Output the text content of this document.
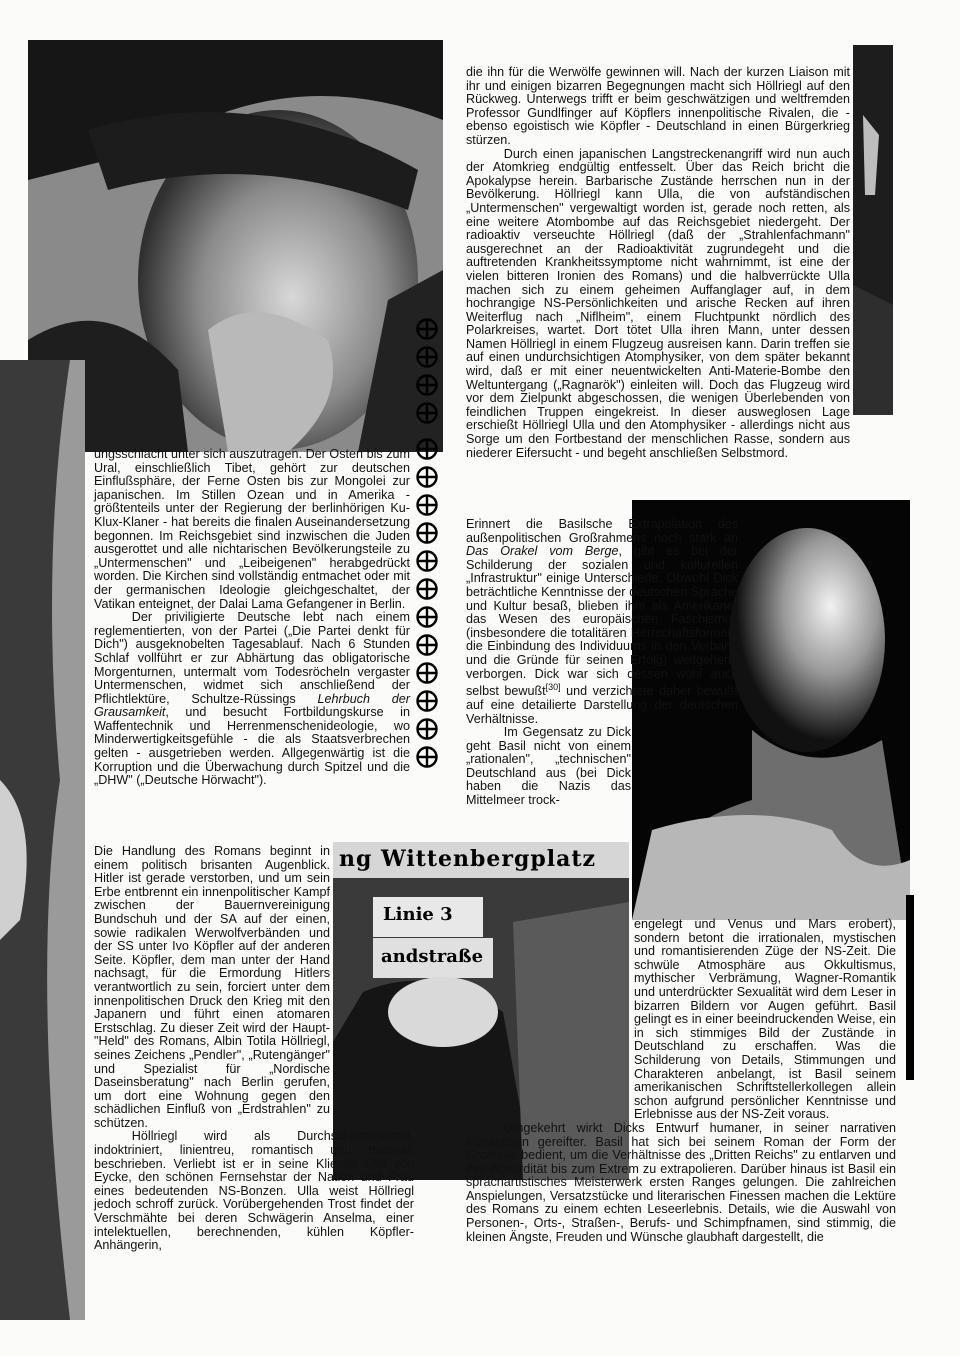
ng Wittenbergplatz
Linie 3
andstraße

die ihn für die Werwölfe gewinnen will. Nach der kurzen Liaison mit ihr und einigen bizarren Begegnungen macht sich Höllriegl auf den Rückweg. Unterwegs trifft er beim geschwätzigen und weltfremden Professor Gundlfinger auf Köpflers innenpolitische Rivalen, die - ebenso egoistisch wie Köpfler - Deutschland in einen Bürgerkrieg stürzen.

Durch einen japanischen Langstreckenangriff wird nun auch der Atomkrieg endgültig entfesselt. Über das Reich bricht die Apokalypse herein. Barbarische Zustände herrschen nun in der Bevölkerung. Höllriegl kann Ulla, die von aufständischen „Untermenschen" vergewaltigt worden ist, gerade noch retten, als eine weitere Atombombe auf das Reichsgebiet niedergeht. Der radioaktiv verseuchte Höllriegl (daß der „Strahlenfachmann" ausgerechnet an der Radioaktivität zugrundegeht und die auftretenden Krankheitssymptome nicht wahrnimmt, ist eine der vielen bitteren Ironien des Romans) und die halbverrückte Ulla machen sich zu einem geheimen Auffanglager auf, in dem hochrangige NS-Persönlichkeiten und arische Recken auf ihren Weiterflug nach „Niflheim", einem Fluchtpunkt nördlich des Polarkreises, wartet. Dort tötet Ulla ihren Mann, unter dessen Namen Höllriegl in einem Flugzeug ausreisen kann. Darin treffen sie auf einen undurchsichtigen Atomphysiker, von dem später bekannt wird, daß er mit einer neuentwickelten Anti-Materie-Bombe den Weltuntergang („Ragnarök") einleiten will. Doch das Flugzeug wird vor dem Zielpunkt abgeschossen, die wenigen Überlebenden von feindlichen Truppen eingekreist. In dieser ausweglosen Lage erschießt Höllriegl Ulla und den Atomphysiker - allerdings nicht aus Sorge um den Fortbestand der menschlichen Rasse, sondern aus niederer Eifersucht - und begeht anschließen Selbstmord.

Erinnert die Basilsche Extrapolation des außenpolitischen Großrahmens noch stark an Das Orakel vom Berge, gibt es bei der Schilderung der sozialen und kulturellen „Infrastruktur" einige Unterschiede. Obwohl Dick beträchtliche Kenntnisse der deutschen Sprache und Kultur besaß, blieben ihm als Amerikaner das Wesen des europäischen Faschismus (insbesondere die totalitären Herrschaftsformen, die Einbindung des Individuums in den Verband und die Gründe für seinen Erfolg) weitgehend verborgen. Dick war sich dessen wohl auch selbst bewußt[30] und verzichtete daher bewußt auf eine detailierte Darstellung der deutschen Verhältnisse.

Im Gegensatz zu Dick geht Basil nicht von einem „rationalen", „technischen" Deutschland aus (bei Dick haben die Nazis das Mittelmeer trock-

engelegt und Venus und Mars erobert), sondern betont die irrationalen, mystischen und romantisierenden Züge der NS-Zeit. Die schwüle Atmosphäre aus Okkultismus, mythischer Verbrämung, Wagner-Romantik und unterdrückter Sexualität wird dem Leser in bizarren Bildern vor Augen geführt. Basil gelingt es in einer beeindruckenden Weise, ein in sich stimmiges Bild der Zustände in Deutschland zu erschaffen. Was die Schilderung von Details, Stimmungen und Charakteren anbelangt, ist Basil seinem amerikanischen Schriftstellerkollegen allein schon aufgrund persönlicher Kenntnisse und Erlebnisse aus der NS-Zeit voraus.

Umgekehrt wirkt Dicks Entwurf humaner, in seiner narrativen Konzeption gereifter. Basil hat sich bei seinem Roman der Form der Groteske bedient, um die Verhältnisse des „Dritten Reichs" zu entlarven und ihre Absurdität bis zum Extrem zu extrapolieren. Darüber hinaus ist Basil ein sprachartistisches Meisterwerk ersten Ranges gelungen. Die zahlreichen Anspielungen, Versatzstücke und literarischen Finessen machen die Lektüre des Romans zu einem echten Leseerlebnis. Details, wie die Auswahl von Personen-, Orts-, Straßen-, Berufs- und Schimpfnamen, sind stimmig, die kleinen Ängste, Freuden und Wünsche glaubhaft dargestellt, die

ungsschlacht unter sich auszutragen. Der Osten bis zum Ural, einschließlich Tibet, gehört zur deutschen Einflußsphäre, der Ferne Osten bis zur Mongolei zur japanischen. Im Stillen Ozean und in Amerika - größtenteils unter der Regierung der berlinhörigen Ku-Klux-Klaner - hat bereits die finalen Auseinandersetzung begonnen. Im Reichsgebiet sind inzwischen die Juden ausgerottet und alle nichtarischen Bevölkerungsteile zu „Untermenschen" und „Leibeigenen" herabgedrückt worden. Die Kirchen sind vollständig entmachet oder mit der germanischen Ideologie gleichgeschaltet, der Vatikan enteignet, der Dalai Lama Gefangener in Berlin.

Der priviligierte Deutsche lebt nach einem reglementierten, von der Partei („Die Partei denkt für Dich") ausgeknobelten Tagesablauf. Nach 6 Stunden Schlaf vollführt er zur Abhärtung das obligatorische Morgenturnen, untermalt vom Todesröcheln vergaster Untermenschen, widmet sich anschließend der Pflichtlektüre, Schultze-Rüssings Lehrbuch der Grausamkeit, und besucht Fortbildungskurse in Waffentechnik und Herrenmenschenideologie, wo Minderwertigkeitsgefühle - die als Staatsverbrechen gelten - ausgetrieben werden. Allgegenwärtig ist die Korruption und die Überwachung durch Spitzel und die „DHW" („Deutsche Hörwacht").

Die Handlung des Romans beginnt in einem politisch brisanten Augenblick. Hitler ist gerade verstorben, und um sein Erbe entbrennt ein innenpolitischer Kampf zwischen der Bauernvereinigung Bundschuh und der SA auf der einen, sowie radikalen Werwolfverbänden und der SS unter Ivo Köpfler auf der anderen Seite. Köpfler, dem man unter der Hand nachsagt, für die Ermordung Hitlers verantwortlich zu sein, forciert unter dem innenpolitischen Druck den Krieg mit den Japanern und führt einen atomaren Erstschlag. Zu dieser Zeit wird der Haupt-"Held" des Romans, Albin Totila Höllriegl, seines Zeichens „Pendler", „Rutengänger" und Spezialist für „Nordische Daseinsberatung" nach Berlin gerufen, um dort eine Wohnung gegen den schädlichen Einfluß von „Erdstrahlen" zu schützen.

Höllriegl wird als Durchschnittsgestalt, indoktriniert, linientreu, romantisch und triebhaft beschrieben. Verliebt ist er in seine Klientin Ulla von Eycke, den schönen Fernsehstar der Nation und Frau eines bedeutenden NS-Bonzen. Ulla weist Höllriegl jedoch schroff zurück. Vorübergehenden Trost findet der Verschmähte bei deren Schwägerin Anselma, einer intelektuellen, berechnenden, kühlen Köpfler-Anhängerin,
